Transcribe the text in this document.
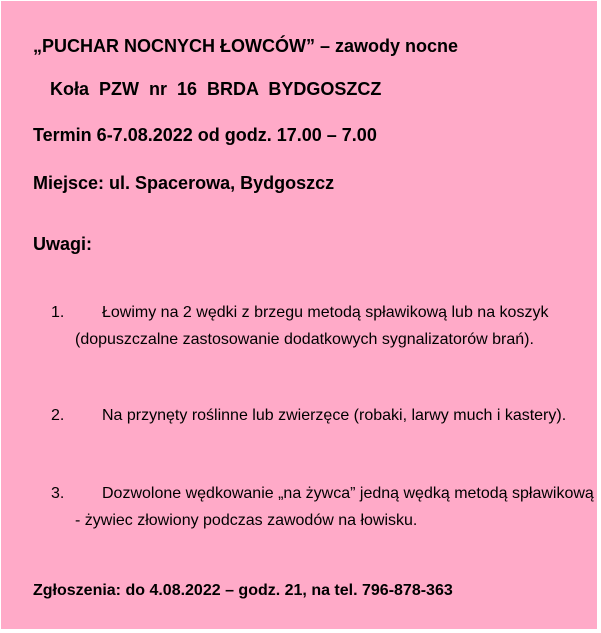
„PUCHAR NOCNYCH ŁOWCÓW” – zawody nocne
Koła PZW nr 16 BRDA BYDGOSZCZ
Termin 6-7.08.2022 od godz. 17.00 – 7.00
Miejsce: ul. Spacerowa, Bydgoszcz
Uwagi:
1.	Łowimy na 2 wędki z brzegu metodą spławikową lub na koszyk (dopuszczalne zastosowanie dodatkowych sygnalizatorów brań).
2.	Na przynęty roślinne lub zwierzęce (robaki, larwy much i kastery).
3.	Dozwolone wędkowanie „na żywca” jedną wędką metodą spławikową - żywiec złowiony podczas zawodów na łowisku.
Zgłoszenia: do 4.08.2022 – godz. 21, na tel. 796-878-363
